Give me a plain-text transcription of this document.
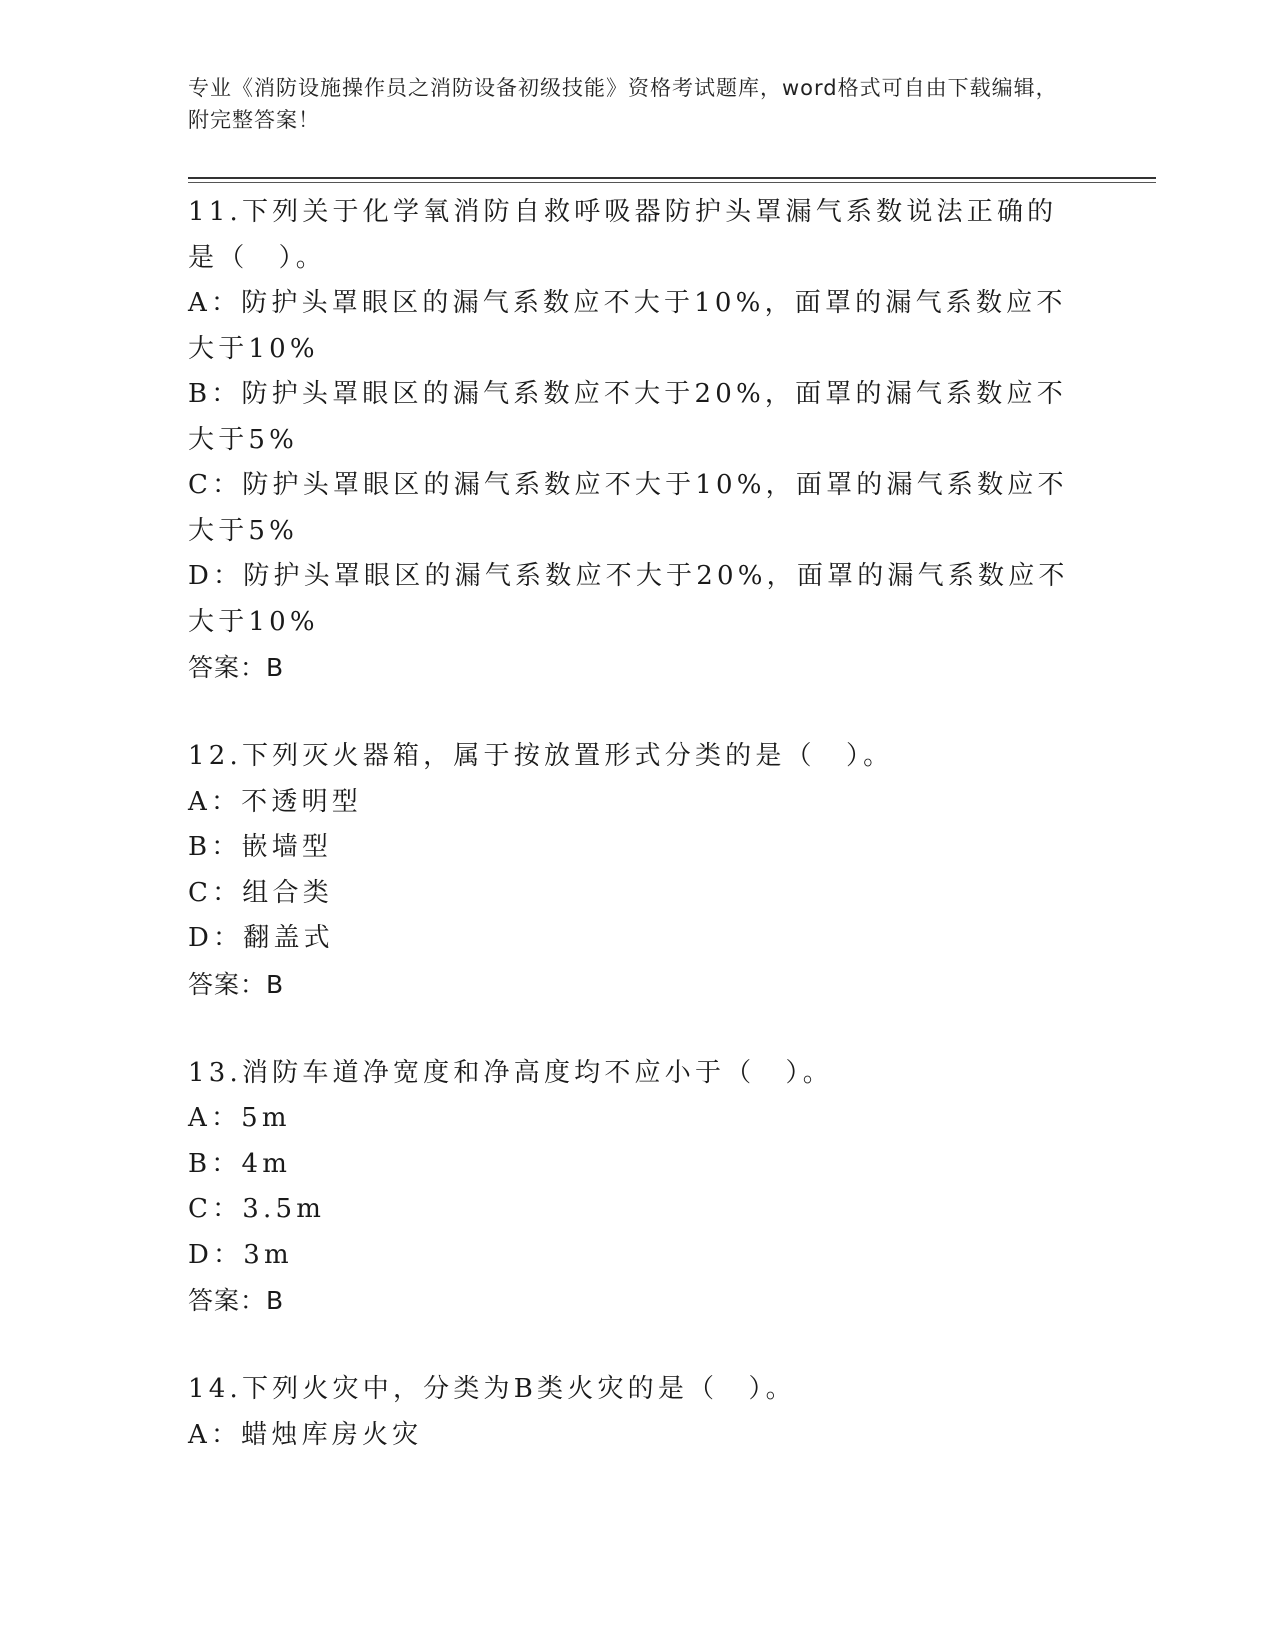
专业《消防设施操作员之消防设备初级技能》资格考试题库，word格式可自由下载编辑，附完整答案！

11.下列关于化学氧消防自救呼吸器防护头罩漏气系数说法正确的是（　）。

A：防护头罩眼区的漏气系数应不大于10%，面罩的漏气系数应不大于10%

B：防护头罩眼区的漏气系数应不大于20%，面罩的漏气系数应不大于5%

C：防护头罩眼区的漏气系数应不大于10%，面罩的漏气系数应不大于5%

D：防护头罩眼区的漏气系数应不大于20%，面罩的漏气系数应不大于10%

答案：B

12.下列灭火器箱，属于按放置形式分类的是（　）。

A：不透明型

B：嵌墙型

C：组合类

D：翻盖式

答案：B

13.消防车道净宽度和净高度均不应小于（　）。

A：5m

B：4m

C：3.5m

D：3m

答案：B

14.下列火灾中，分类为B类火灾的是（　）。

A：蜡烛库房火灾
